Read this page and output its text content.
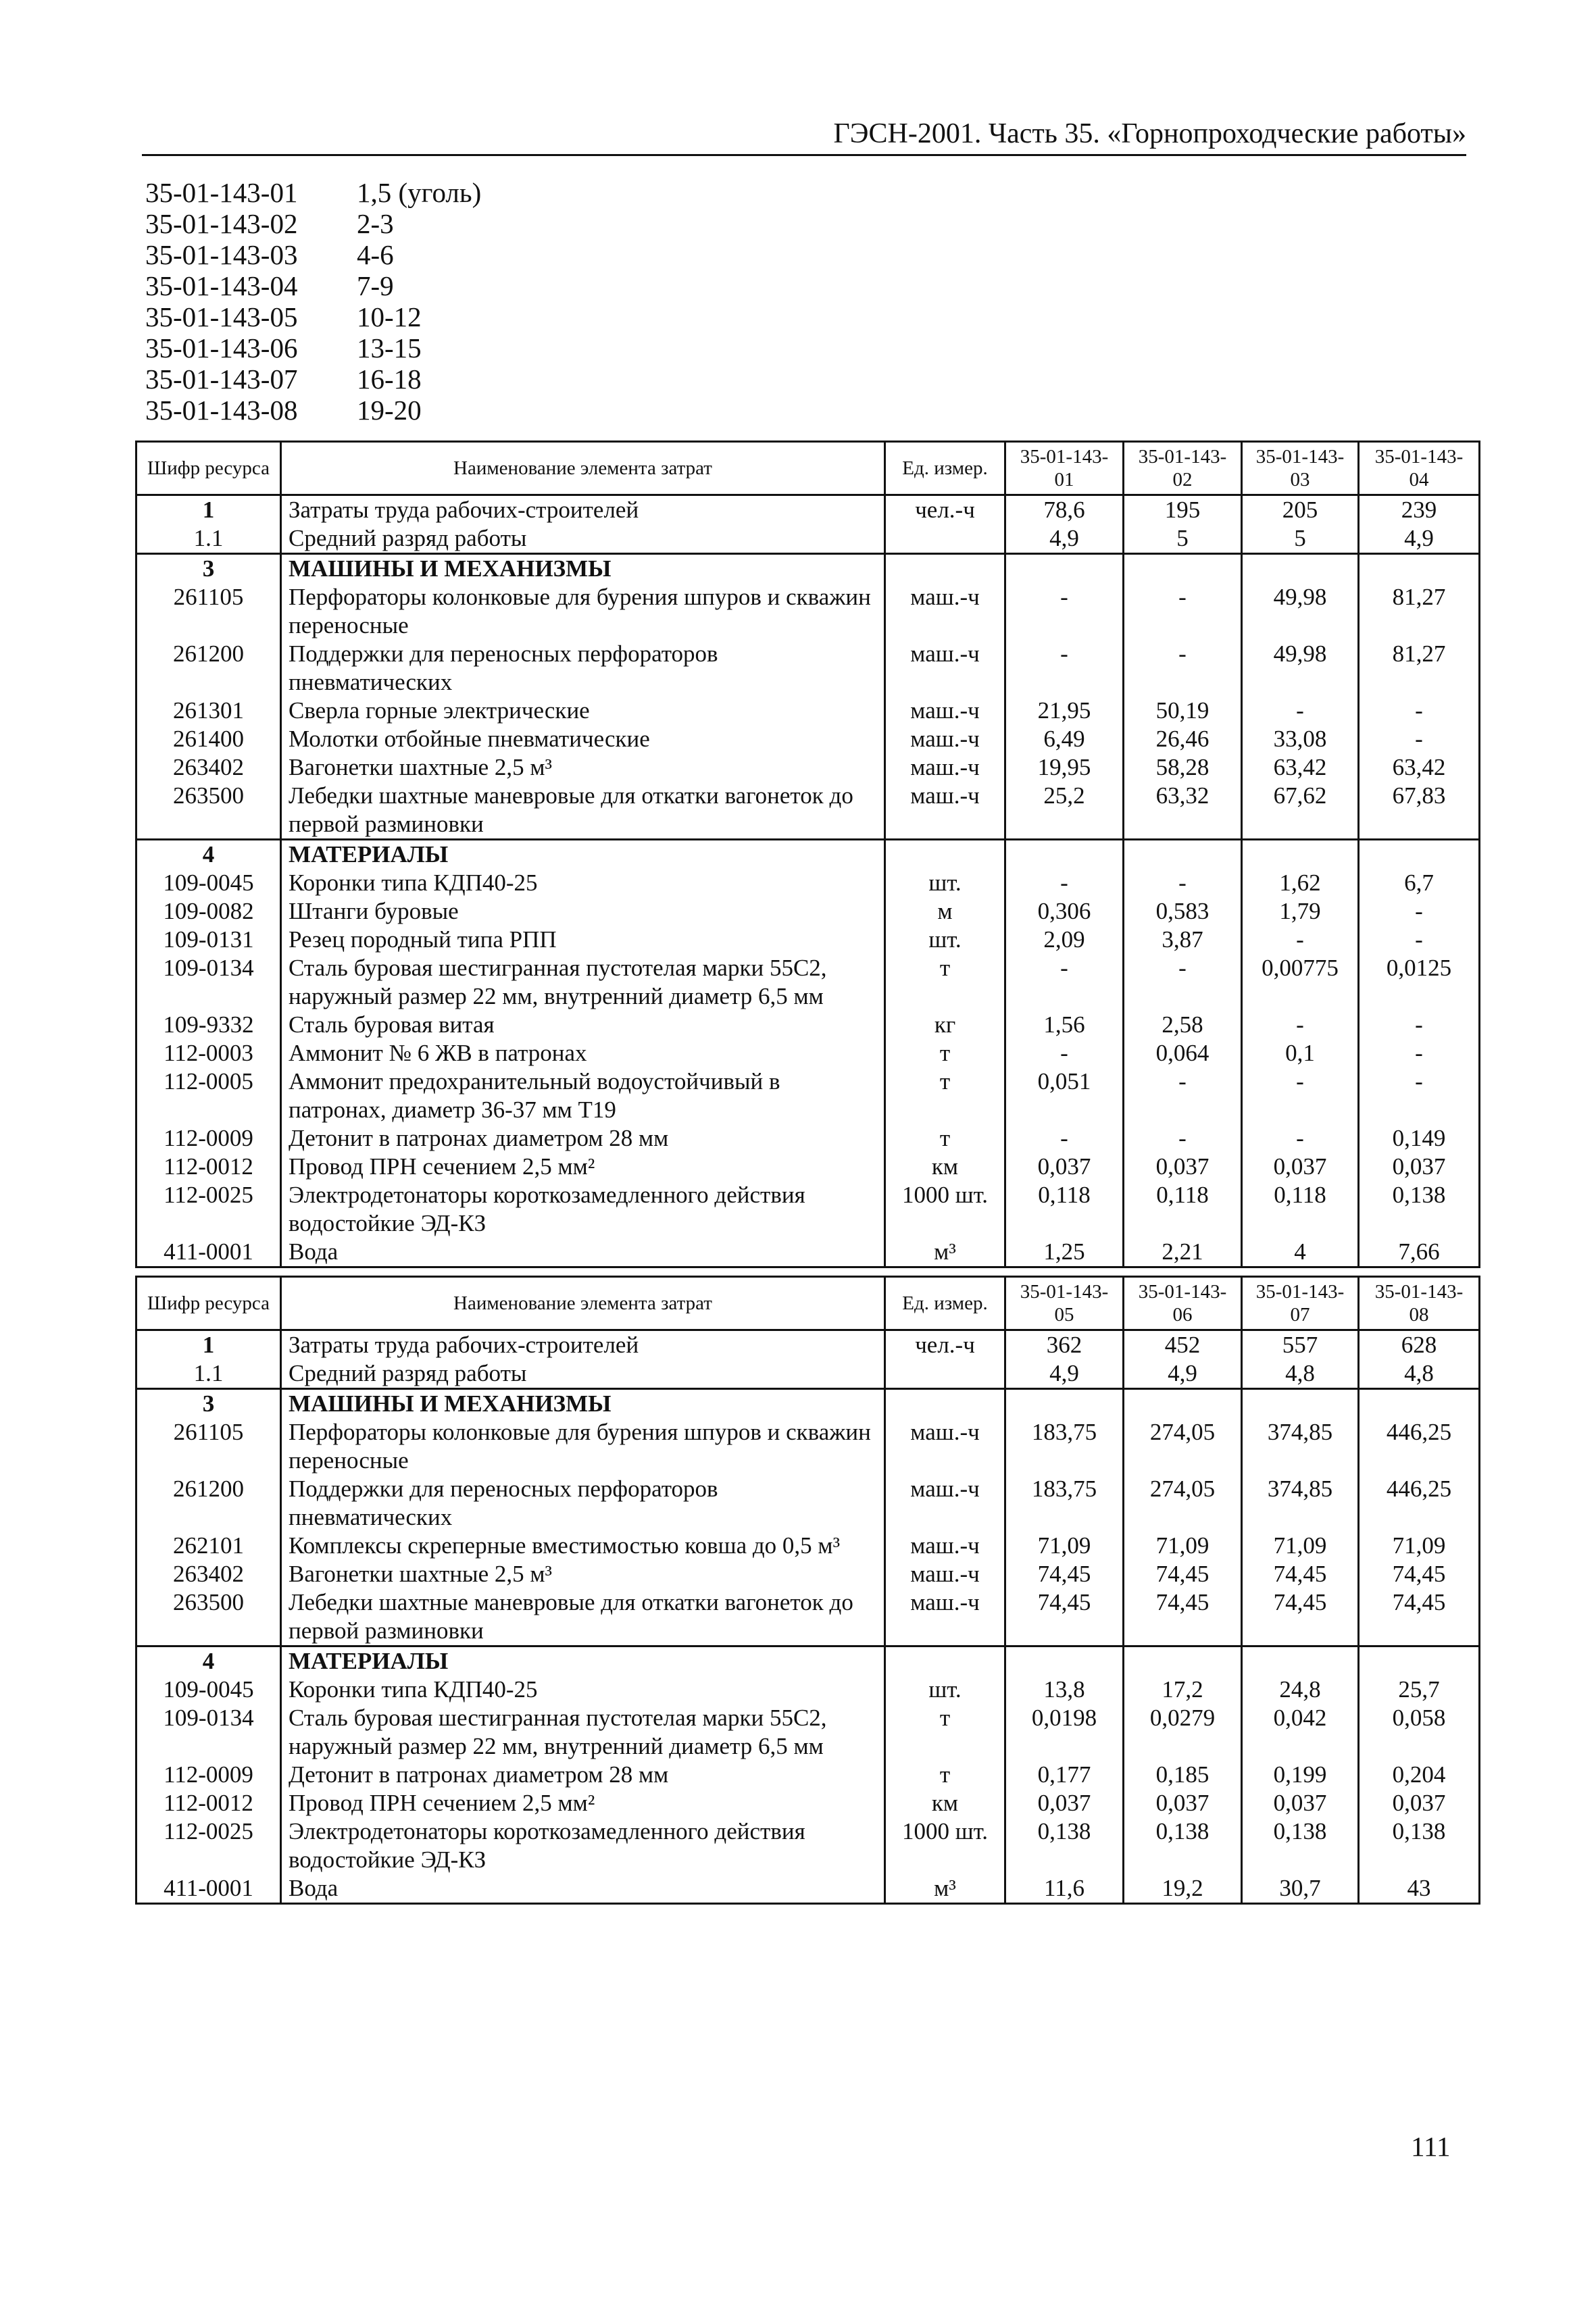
ГЭСН-2001. Часть 35. «Горнопроходческие работы»
35-01-143-01	1,5 (уголь)
35-01-143-02	2-3
35-01-143-03	4-6
35-01-143-04	7-9
35-01-143-05	10-12
35-01-143-06	13-15
35-01-143-07	16-18
35-01-143-08	19-20
Шифр ресурса	Наименование элемента затрат	Ед. измер.	35-01-143-01	35-01-143-02	35-01-143-03	35-01-143-04
1	Затраты труда рабочих-строителей	чел.-ч	78,6	195	205	239
1.1	Средний разряд работы		4,9	5	5	4,9
3	МАШИНЫ И МЕХАНИЗМЫ					
261105	Перфораторы колонковые для бурения шпуров и скважин переносные	маш.-ч	-	-	49,98	81,27
261200	Поддержки для переносных перфораторов пневматических	маш.-ч	-	-	49,98	81,27
261301	Сверла горные электрические	маш.-ч	21,95	50,19	-	-
261400	Молотки отбойные пневматические	маш.-ч	6,49	26,46	33,08	-
263402	Вагонетки шахтные 2,5 м³	маш.-ч	19,95	58,28	63,42	63,42
263500	Лебедки шахтные маневровые для откатки вагонеток до первой разминовки	маш.-ч	25,2	63,32	67,62	67,83
4	МАТЕРИАЛЫ					
109-0045	Коронки типа КДП40-25	шт.	-	-	1,62	6,7
109-0082	Штанги буровые	м	0,306	0,583	1,79	-
109-0131	Резец породный типа РПП	шт.	2,09	3,87	-	-
109-0134	Сталь буровая шестигранная пустотелая марки 55С2, наружный размер 22 мм, внутренний диаметр 6,5 мм	т	-	-	0,00775	0,0125
109-9332	Сталь буровая витая	кг	1,56	2,58	-	-
112-0003	Аммонит № 6 ЖВ в патронах	т	-	0,064	0,1	-
112-0005	Аммонит предохранительный водоустойчивый в патронах, диаметр 36-37 мм Т19	т	0,051	-	-	-
112-0009	Детонит в патронах диаметром 28 мм	т	-	-	-	0,149
112-0012	Провод ПРН сечением 2,5 мм²	км	0,037	0,037	0,037	0,037
112-0025	Электродетонаторы короткозамедленного действия водостойкие ЭД-КЗ	1000 шт.	0,118	0,118	0,118	0,138
411-0001	Вода	м³	1,25	2,21	4	7,66
Шифр ресурса	Наименование элемента затрат	Ед. измер.	35-01-143-05	35-01-143-06	35-01-143-07	35-01-143-08
1	Затраты труда рабочих-строителей	чел.-ч	362	452	557	628
1.1	Средний разряд работы		4,9	4,9	4,8	4,8
3	МАШИНЫ И МЕХАНИЗМЫ					
261105	Перфораторы колонковые для бурения шпуров и скважин переносные	маш.-ч	183,75	274,05	374,85	446,25
261200	Поддержки для переносных перфораторов пневматических	маш.-ч	183,75	274,05	374,85	446,25
262101	Комплексы скреперные вместимостью ковша до 0,5 м³	маш.-ч	71,09	71,09	71,09	71,09
263402	Вагонетки шахтные 2,5 м³	маш.-ч	74,45	74,45	74,45	74,45
263500	Лебедки шахтные маневровые для откатки вагонеток до первой разминовки	маш.-ч	74,45	74,45	74,45	74,45
4	МАТЕРИАЛЫ					
109-0045	Коронки типа КДП40-25	шт.	13,8	17,2	24,8	25,7
109-0134	Сталь буровая шестигранная пустотелая марки 55С2, наружный размер 22 мм, внутренний диаметр 6,5 мм	т	0,0198	0,0279	0,042	0,058
112-0009	Детонит в патронах диаметром 28 мм	т	0,177	0,185	0,199	0,204
112-0012	Провод ПРН сечением 2,5 мм²	км	0,037	0,037	0,037	0,037
112-0025	Электродетонаторы короткозамедленного действия водостойкие ЭД-КЗ	1000 шт.	0,138	0,138	0,138	0,138
411-0001	Вода	м³	11,6	19,2	30,7	43
111
